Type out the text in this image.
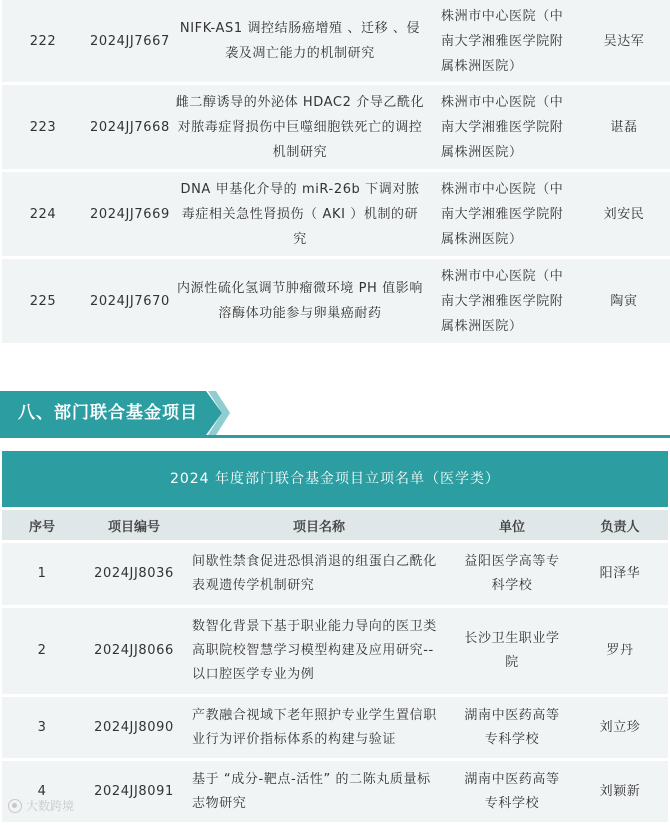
222	2024JJ7667	NIFK-AS1 调控结肠癌增殖 、迁移 、侵袭及凋亡能力的机制研究	株洲市中心医院（中南大学湘雅医学院附属株洲医院）	吴达军
223	2024JJ7668	雌二醇诱导的外泌体 HDAC2 介导乙酰化对脓毒症肾损伤中巨噬细胞铁死亡的调控机制研究	株洲市中心医院（中南大学湘雅医学院附属株洲医院）	谌磊
224	2024JJ7669	DNA 甲基化介导的 miR-26b 下调对脓毒症相关急性肾损伤（ AKI ）机制的研究	株洲市中心医院（中南大学湘雅医学院附属株洲医院）	刘安民
225	2024JJ7670	内源性硫化氢调节肿瘤微环境 PH 值影响溶酶体功能参与卵巢癌耐药	株洲市中心医院（中南大学湘雅医学院附属株洲医院）	陶寅
八、部门联合基金项目
2024 年度部门联合基金项目立项名单（医学类）
序号	项目编号	项目名称	单位	负责人
1	2024JJ8036	间歇性禁食促进恐惧消退的组蛋白乙酰化表观遗传学机制研究	益阳医学高等专科学校	阳泽华
2	2024JJ8066	数智化背景下基于职业能力导向的医卫类高职院校智慧学习模型构建及应用研究-- 以口腔医学专业为例	长沙卫生职业学院	罗丹
3	2024JJ8090	产教融合视域下老年照护专业学生置信职业行为评价指标体系的构建与验证	湖南中医药高等专科学校	刘立珍
4	2024JJ8091	基于 “成分-靶点-活性” 的二陈丸质量标志物研究	湖南中医药高等专科学校	刘颖新
大数跨境
